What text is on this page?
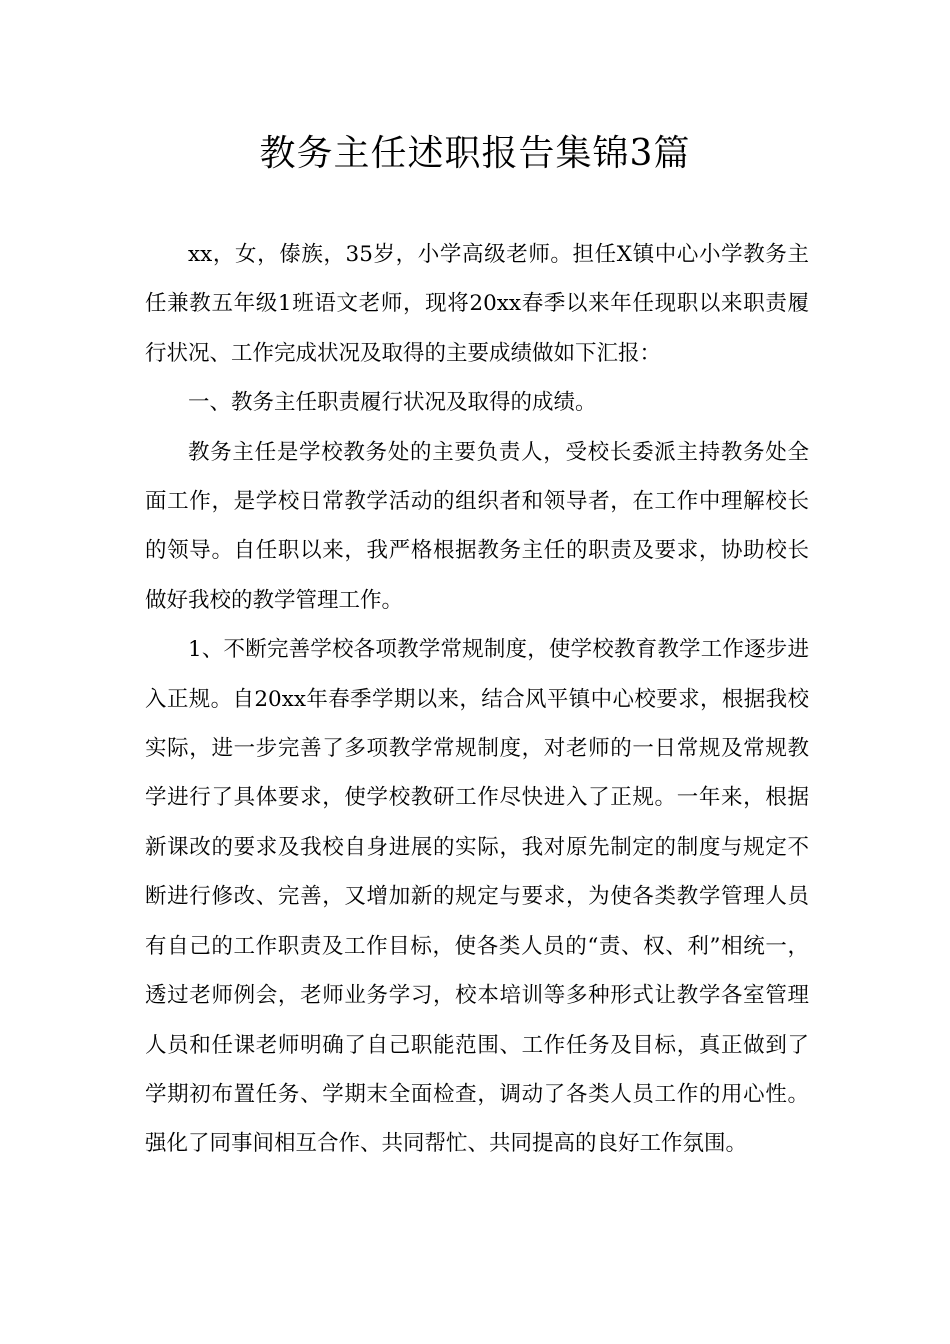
教务主任述职报告集锦3篇

xx，女，傣族，35岁，小学高级老师。担任X镇中心小学教务主任兼教五年级1班语文老师，现将20xx春季以来年任现职以来职责履行状况、工作完成状况及取得的主要成绩做如下汇报：

一、教务主任职责履行状况及取得的成绩。

教务主任是学校教务处的主要负责人，受校长委派主持教务处全面工作，是学校日常教学活动的组织者和领导者，在工作中理解校长的领导。自任职以来，我严格根据教务主任的职责及要求，协助校长做好我校的教学管理工作。

1、不断完善学校各项教学常规制度，使学校教育教学工作逐步进入正规。自20xx年春季学期以来，结合风平镇中心校要求，根据我校实际，进一步完善了多项教学常规制度，对老师的一日常规及常规教学进行了具体要求，使学校教研工作尽快进入了正规。一年来，根据新课改的要求及我校自身进展的实际，我对原先制定的制度与规定不断进行修改、完善，又增加新的规定与要求，为使各类教学管理人员有自己的工作职责及工作目标，使各类人员的“责、权、利”相统一，透过老师例会，老师业务学习，校本培训等多种形式让教学各室管理人员和任课老师明确了自己职能范围、工作任务及目标，真正做到了学期初布置任务、学期末全面检查，调动了各类人员工作的用心性。强化了同事间相互合作、共同帮忙、共同提高的良好工作氛围。
